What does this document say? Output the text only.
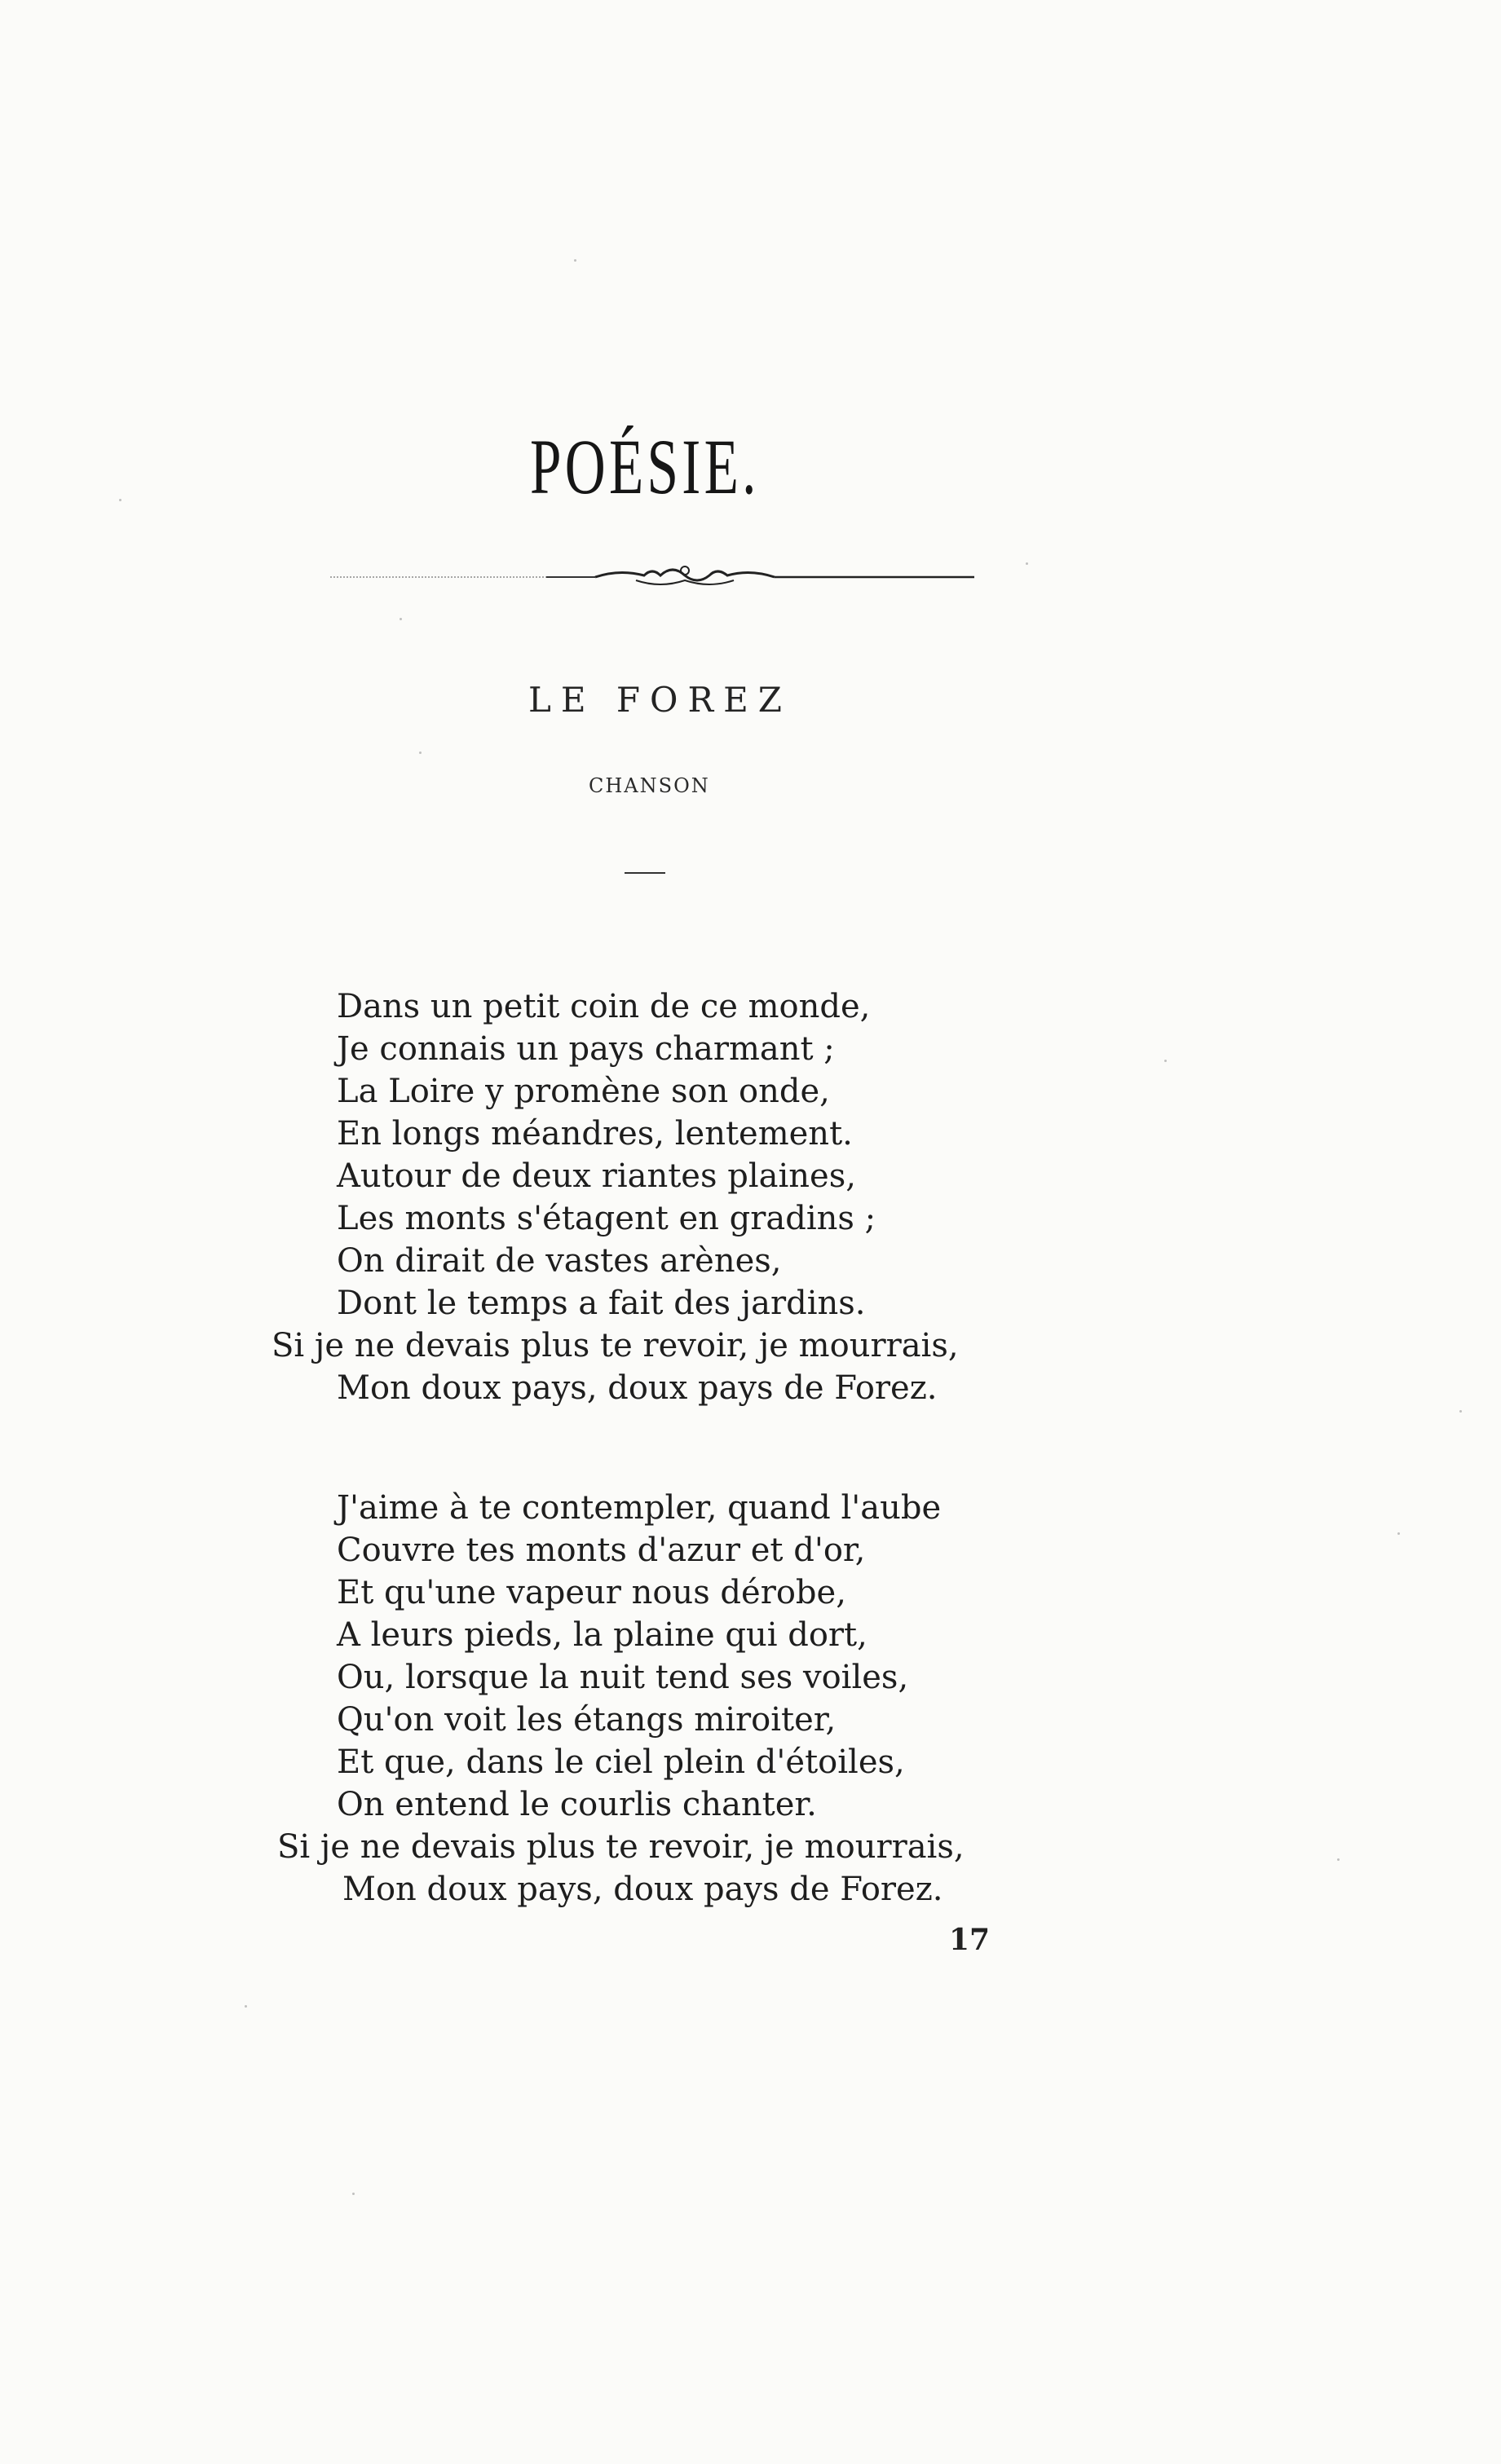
POÉSIE.
LE FOREZ
CHANSON
Dans un petit coin de ce monde,
Je connais un pays charmant ;
La Loire y promène son onde,
En longs méandres, lentement.
Autour de deux riantes plaines,
Les monts s'étagent en gradins ;
On dirait de vastes arènes,
Dont le temps a fait des jardins.
Si je ne devais plus te revoir, je mourrais,
Mon doux pays, doux pays de Forez.
J'aime à te contempler, quand l'aube
Couvre tes monts d'azur et d'or,
Et qu'une vapeur nous dérobe,
A leurs pieds, la plaine qui dort,
Ou, lorsque la nuit tend ses voiles,
Qu'on voit les étangs miroiter,
Et que, dans le ciel plein d'étoiles,
On entend le courlis chanter.
Si je ne devais plus te revoir, je mourrais,
Mon doux pays, doux pays de Forez.
17
